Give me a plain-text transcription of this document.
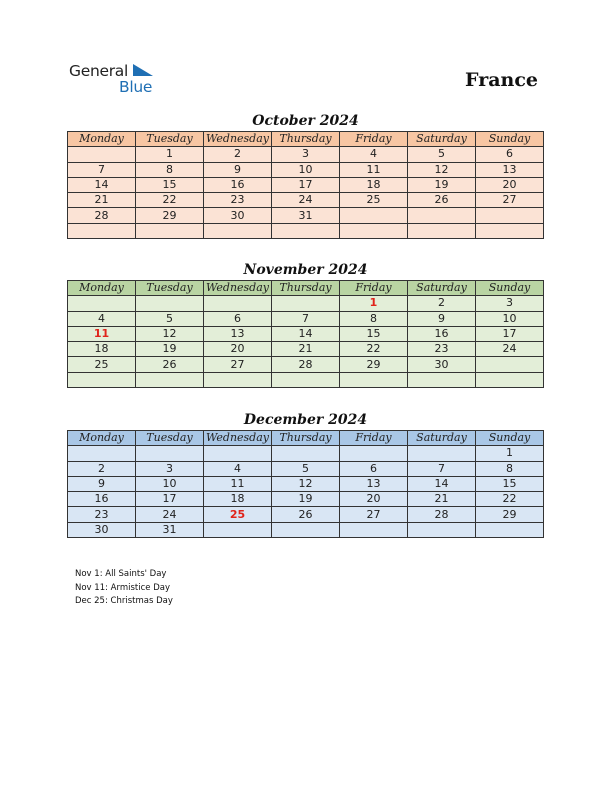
General
Blue	France
October 2024
Monday	Tuesday	Wednesday	Thursday	Friday	Saturday	Sunday
	1	2	3	4	5	6
7	8	9	10	11	12	13
14	15	16	17	18	19	20
21	22	23	24	25	26	27
28	29	30	31			

November 2024
Monday	Tuesday	Wednesday	Thursday	Friday	Saturday	Sunday
				1	2	3
4	5	6	7	8	9	10
11	12	13	14	15	16	17
18	19	20	21	22	23	24
25	26	27	28	29	30	

December 2024
Monday	Tuesday	Wednesday	Thursday	Friday	Saturday	Sunday
						1
2	3	4	5	6	7	8
9	10	11	12	13	14	15
16	17	18	19	20	21	22
23	24	25	26	27	28	29
30	31					
Nov 1: All Saints' Day
Nov 11: Armistice Day
Dec 25: Christmas Day
